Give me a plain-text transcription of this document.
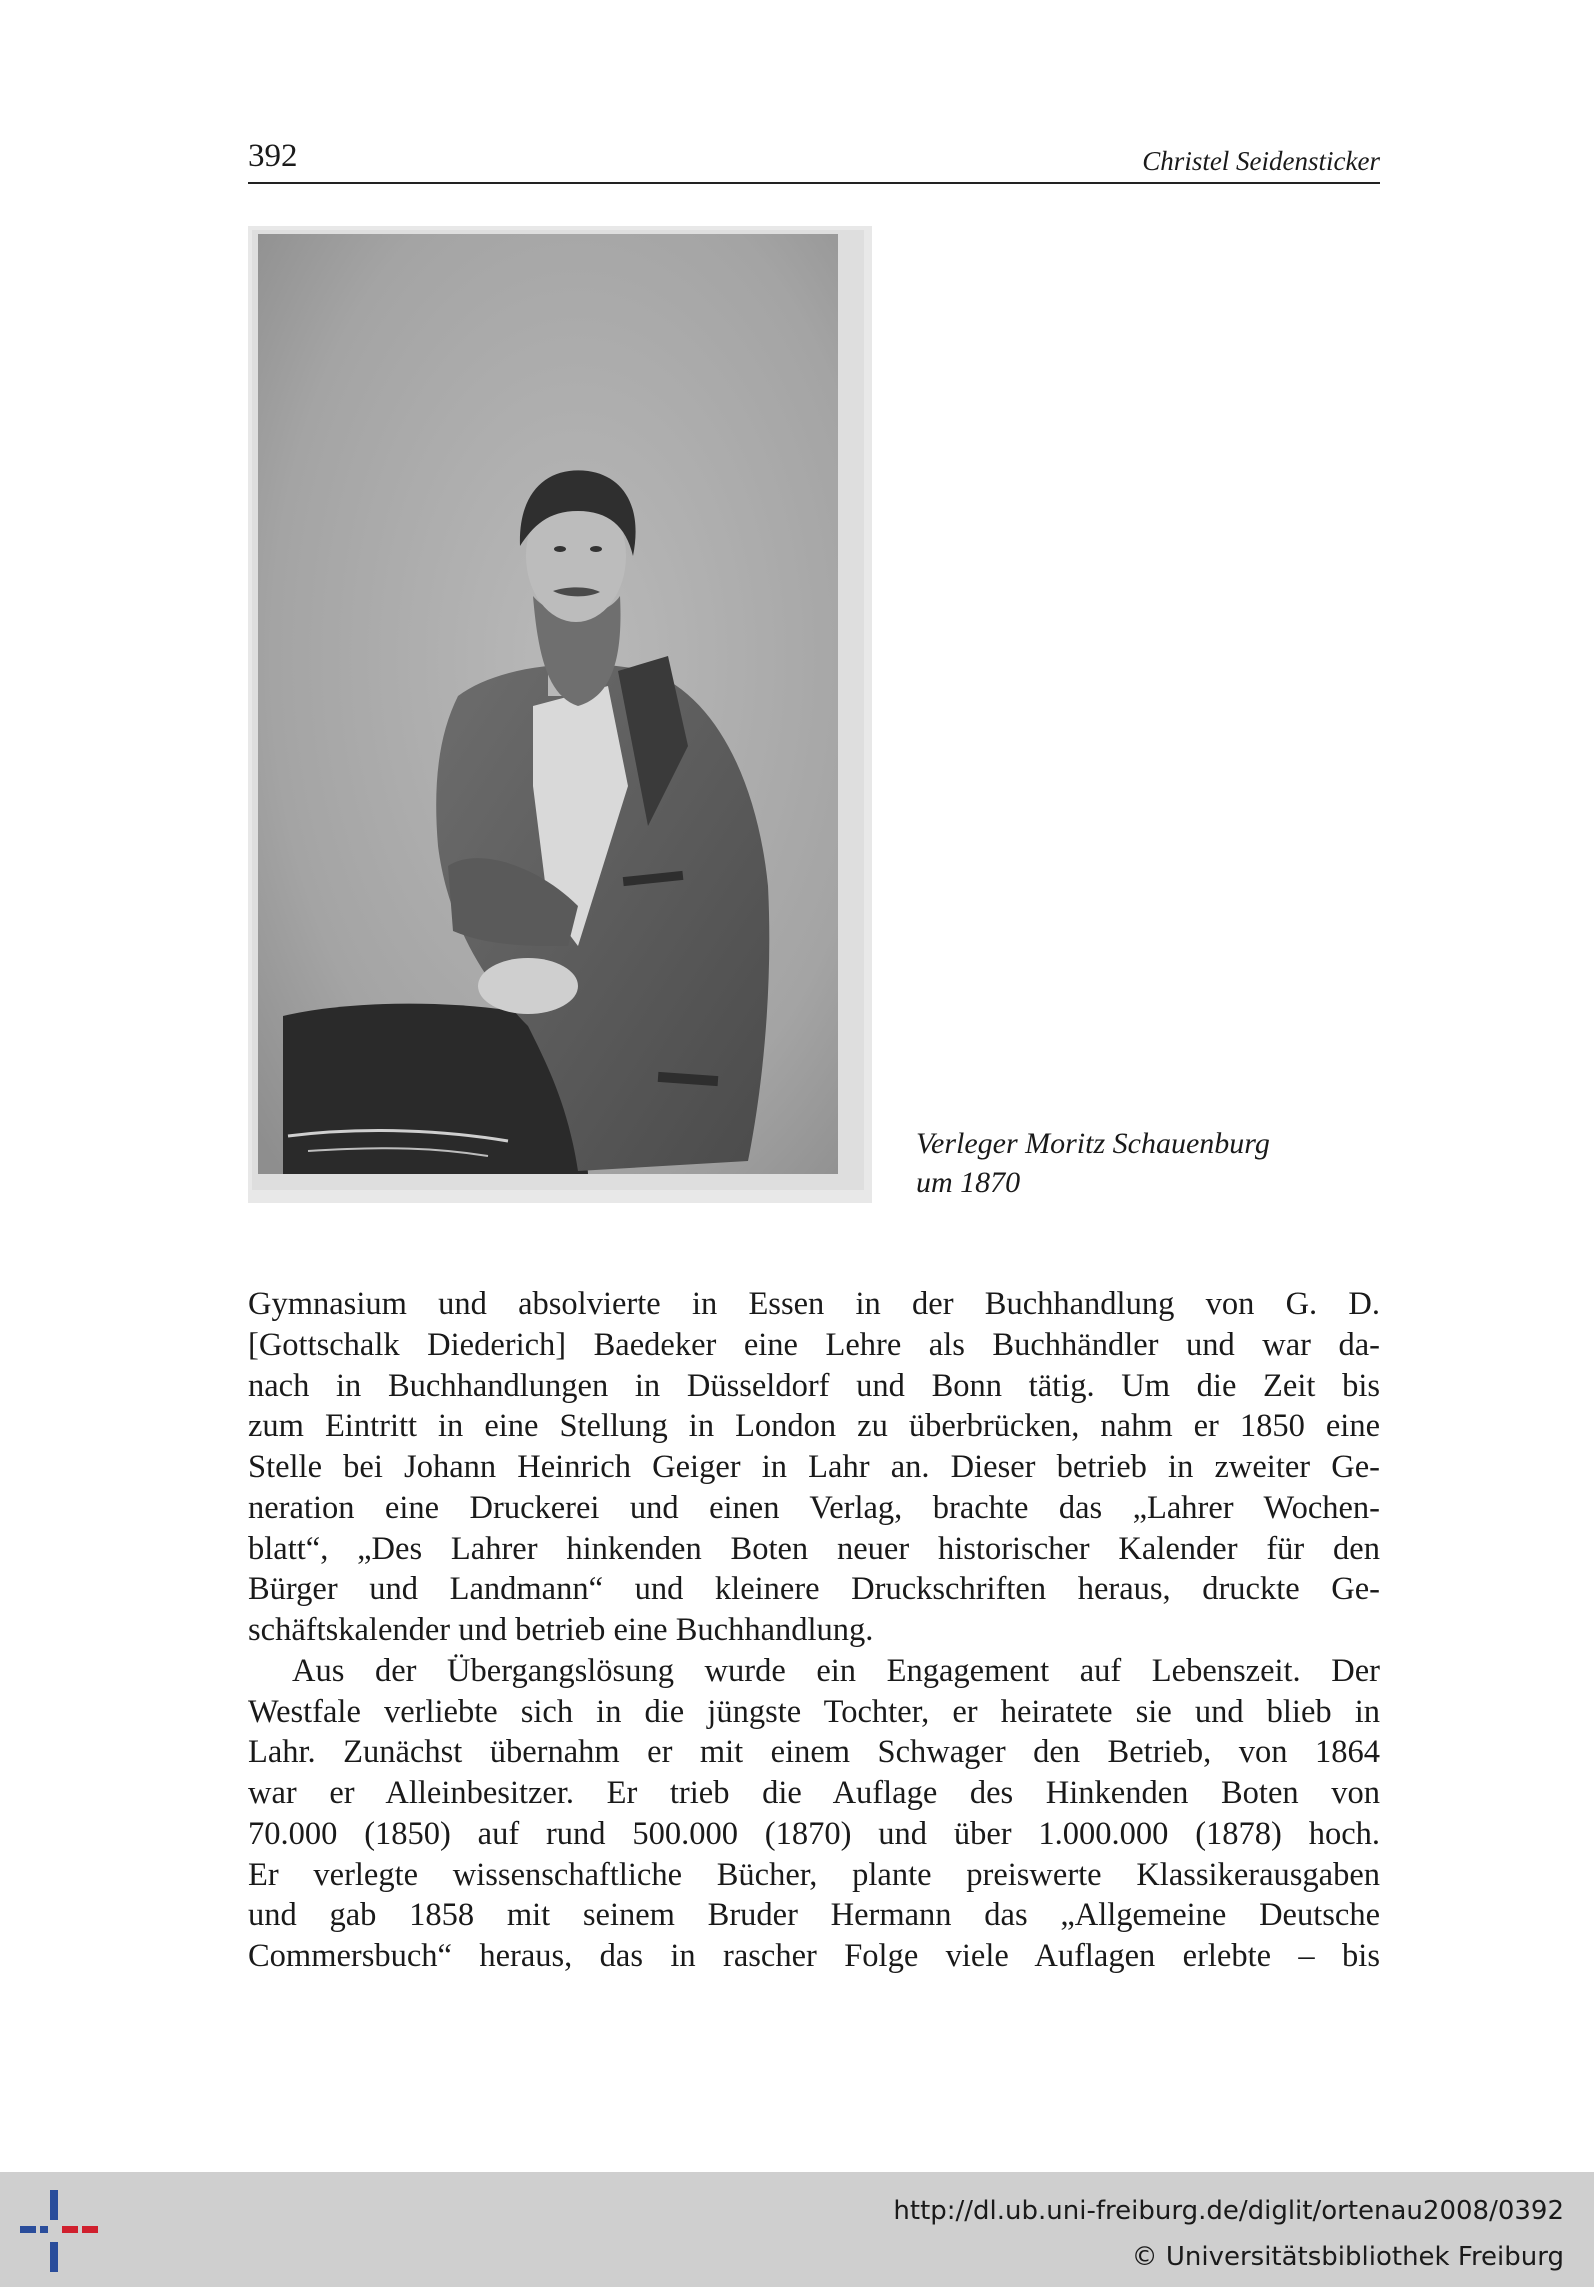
392	Christel Seidensticker
Verleger Moritz Schauenburg
um 1870
Gymnasium und absolvierte in Essen in der Buchhandlung von G. D.
[Gottschalk Diederich] Baedeker eine Lehre als Buchhändler und war da-
nach in Buchhandlungen in Düsseldorf und Bonn tätig. Um die Zeit bis
zum Eintritt in eine Stellung in London zu überbrücken, nahm er 1850 eine
Stelle bei Johann Heinrich Geiger in Lahr an. Dieser betrieb in zweiter Ge-
neration eine Druckerei und einen Verlag, brachte das „Lahrer Wochen-
blatt“, „Des Lahrer hinkenden Boten neuer historischer Kalender für den
Bürger und Landmann“ und kleinere Druckschriften heraus, druckte Ge-
schäftskalender und betrieb eine Buchhandlung.
Aus der Übergangslösung wurde ein Engagement auf Lebenszeit. Der
Westfale verliebte sich in die jüngste Tochter, er heiratete sie und blieb in
Lahr. Zunächst übernahm er mit einem Schwager den Betrieb, von 1864
war er Alleinbesitzer. Er trieb die Auflage des Hinkenden Boten von
70.000 (1850) auf rund 500.000 (1870) und über 1.000.000 (1878) hoch.
Er verlegte wissenschaftliche Bücher, plante preiswerte Klassikerausgaben
und gab 1858 mit seinem Bruder Hermann das „Allgemeine Deutsche
Commersbuch“ heraus, das in rascher Folge viele Auflagen erlebte – bis
http://dl.ub.uni-freiburg.de/diglit/ortenau2008/0392
© Universitätsbibliothek Freiburg
